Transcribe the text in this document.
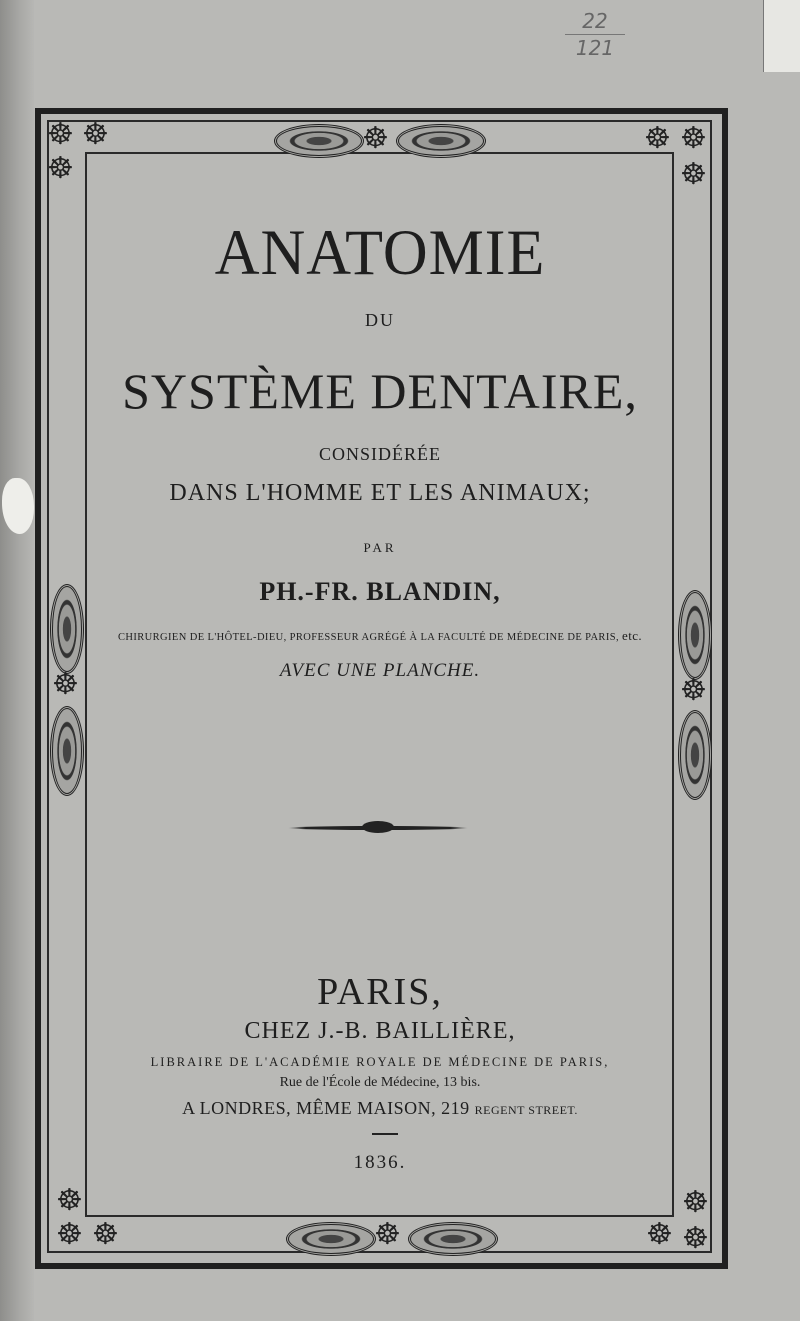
22
121
☸ ☸
☸
☸	☸ ☸
☸
☸	☸
☸
☸ ☸	☸	☸
☸
☸
ANATOMIE
DU
SYSTÈME DENTAIRE,
CONSIDÉRÉE
DANS L'HOMME ET LES ANIMAUX;
PAR
PH.-FR. BLANDIN,
CHIRURGIEN DE L'HÔTEL-DIEU, PROFESSEUR AGRÉGÉ À LA FACULTÉ DE MÉDECINE DE PARIS, etc.
AVEC UNE PLANCHE.
PARIS,
CHEZ J.-B. BAILLIÈRE,
LIBRAIRE DE L'ACADÉMIE ROYALE DE MÉDECINE DE PARIS,
Rue de l'École de Médecine, 13 bis.
A LONDRES, MÊME MAISON, 219 REGENT STREET.
1836.
